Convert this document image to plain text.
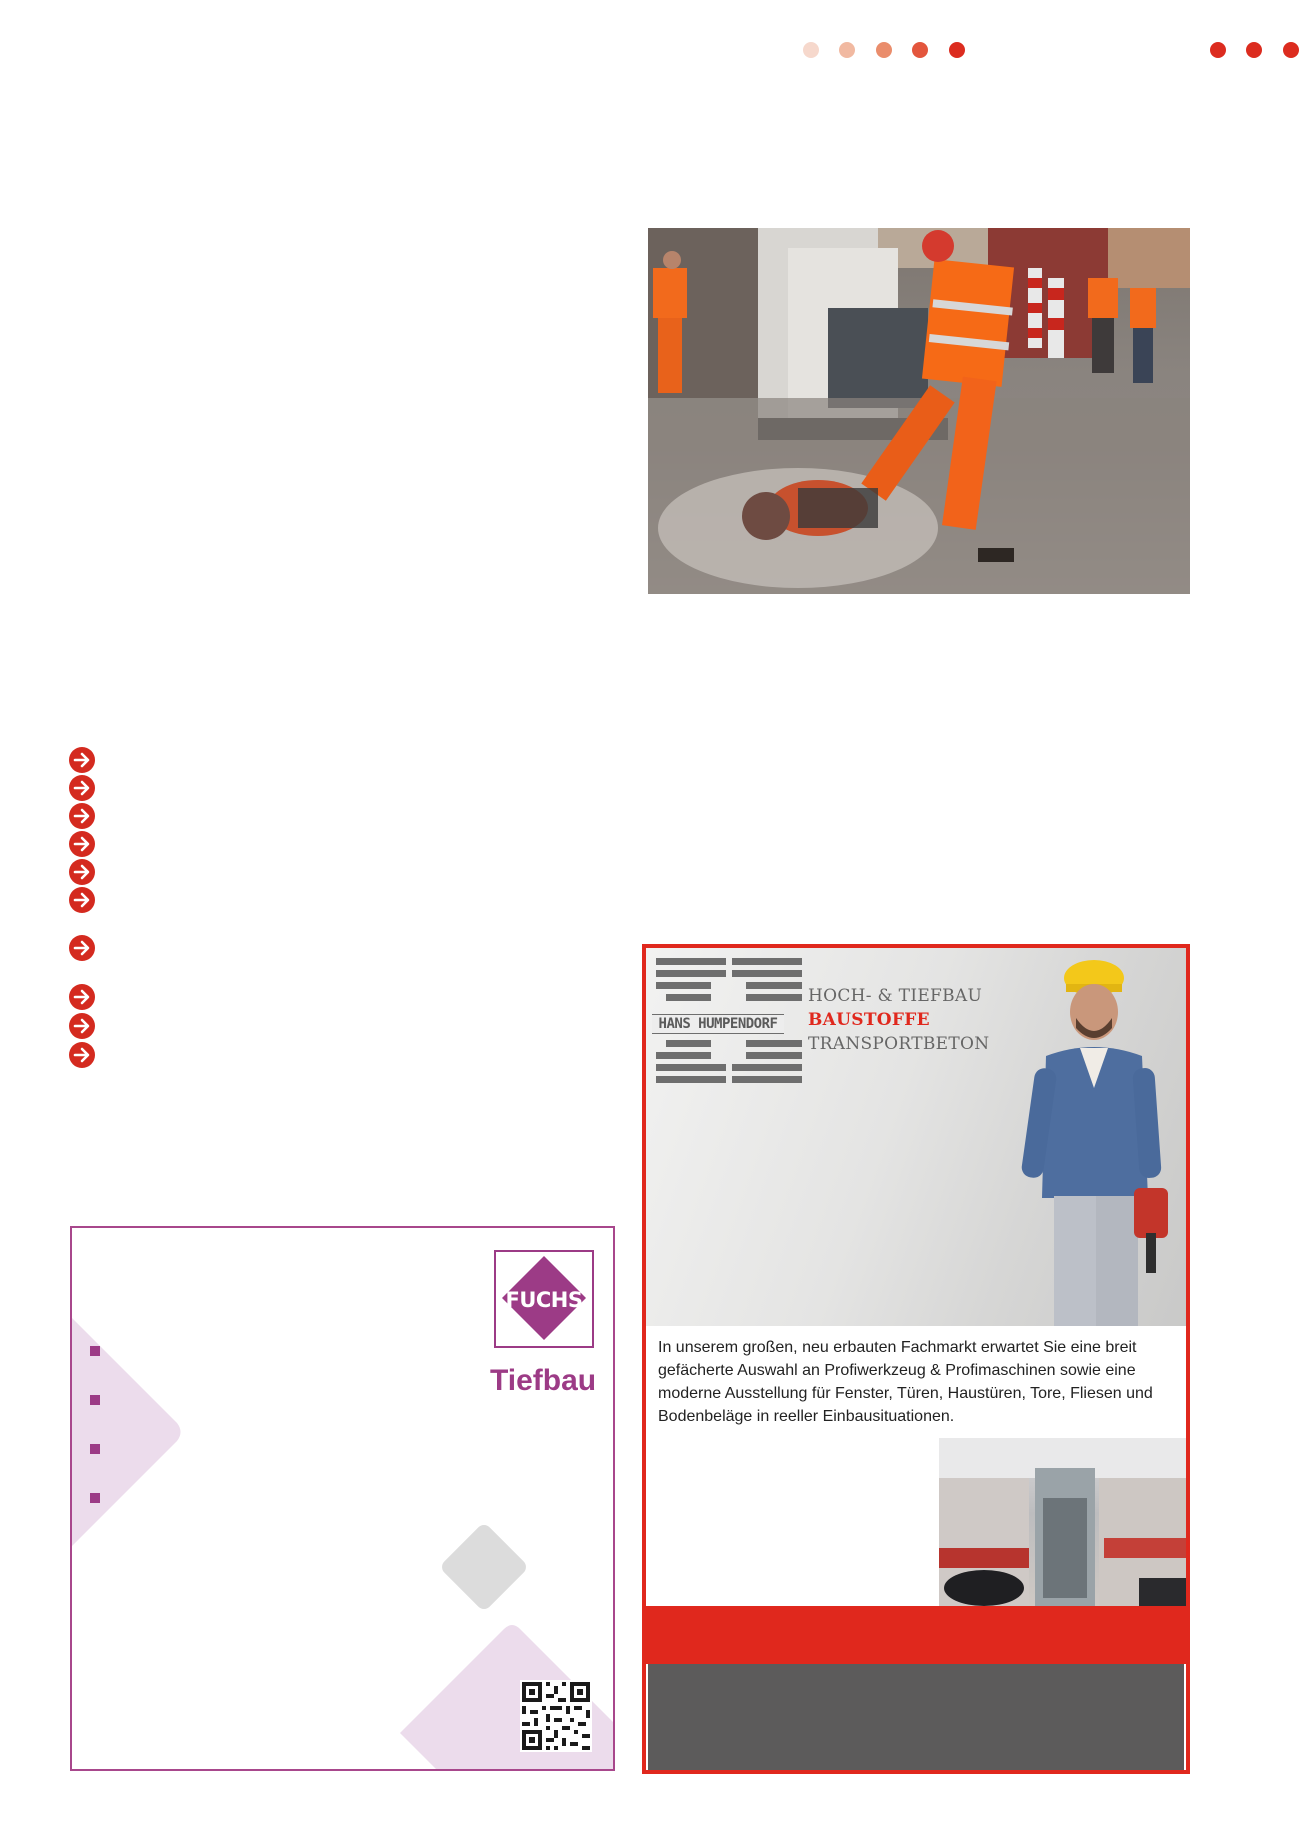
FUCHS
Tiefbau
HANS HUMPENDORF
HOCH- & TIEFBAU
BAUSTOFFE
TRANSPORTBETON
In unserem großen, neu erbauten Fachmarkt erwartet Sie eine breit gefächerte Auswahl an Profiwerkzeug & Profimaschinen sowie eine moderne Ausstellung für Fenster, Türen, Haustüren, Tore, Fliesen und Bodenbeläge in reeller Einbausituationen.
